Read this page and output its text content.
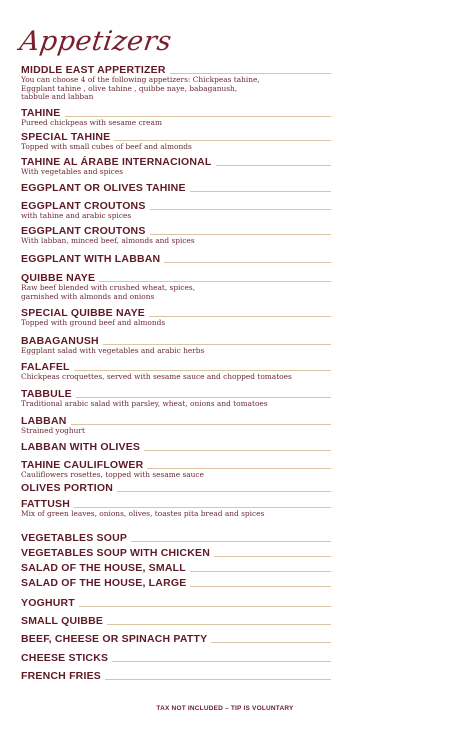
Appetizers
MIDDLE EAST APPERTIZER
You can choose 4 of the following appetizers: Chickpeas tahine,
Eggplant tahine , olive tahine , quibbe naye, babaganush,
tabbule and labban
TAHINE
Pureed chickpeas with sesame cream
SPECIAL TAHINE
Topped with small cubes of beef and almonds
TAHINE AL ÁRABE INTERNACIONAL
With vegetables and spices
EGGPLANT OR OLIVES TAHINE
EGGPLANT CROUTONS
with tahine and arabic spices
EGGPLANT CROUTONS
With labban, minced beef, almonds and spices
EGGPLANT WITH LABBAN
QUIBBE NAYE
Raw beef blended with crushed wheat, spices,
garnished with almonds and onions
SPECIAL QUIBBE NAYE
Topped with ground beef and almonds
BABAGANUSH
Eggplant salad with vegetables and arabic herbs
FALAFEL
Chickpeas croquettes, served with sesame sauce and chopped tomatoes
TABBULE
Traditional arabic salad with parsley, wheat, onions and tomatoes
LABBAN
Strained yoghurt
LABBAN WITH OLIVES
TAHINE CAULIFLOWER
Cauliflowers rosettes, topped with sesame sauce
OLIVES PORTION
FATTUSH
Mix of green leaves, onions, olives, toastes pita bread and spices
VEGETABLES SOUP
VEGETABLES SOUP WITH CHICKEN
SALAD OF THE HOUSE, SMALL
SALAD OF THE HOUSE, LARGE
YOGHURT
SMALL QUIBBE
BEEF, CHEESE OR SPINACH PATTY
CHEESE STICKS
FRENCH FRIES
TAX NOT INCLUDED – TIP IS VOLUNTARY
